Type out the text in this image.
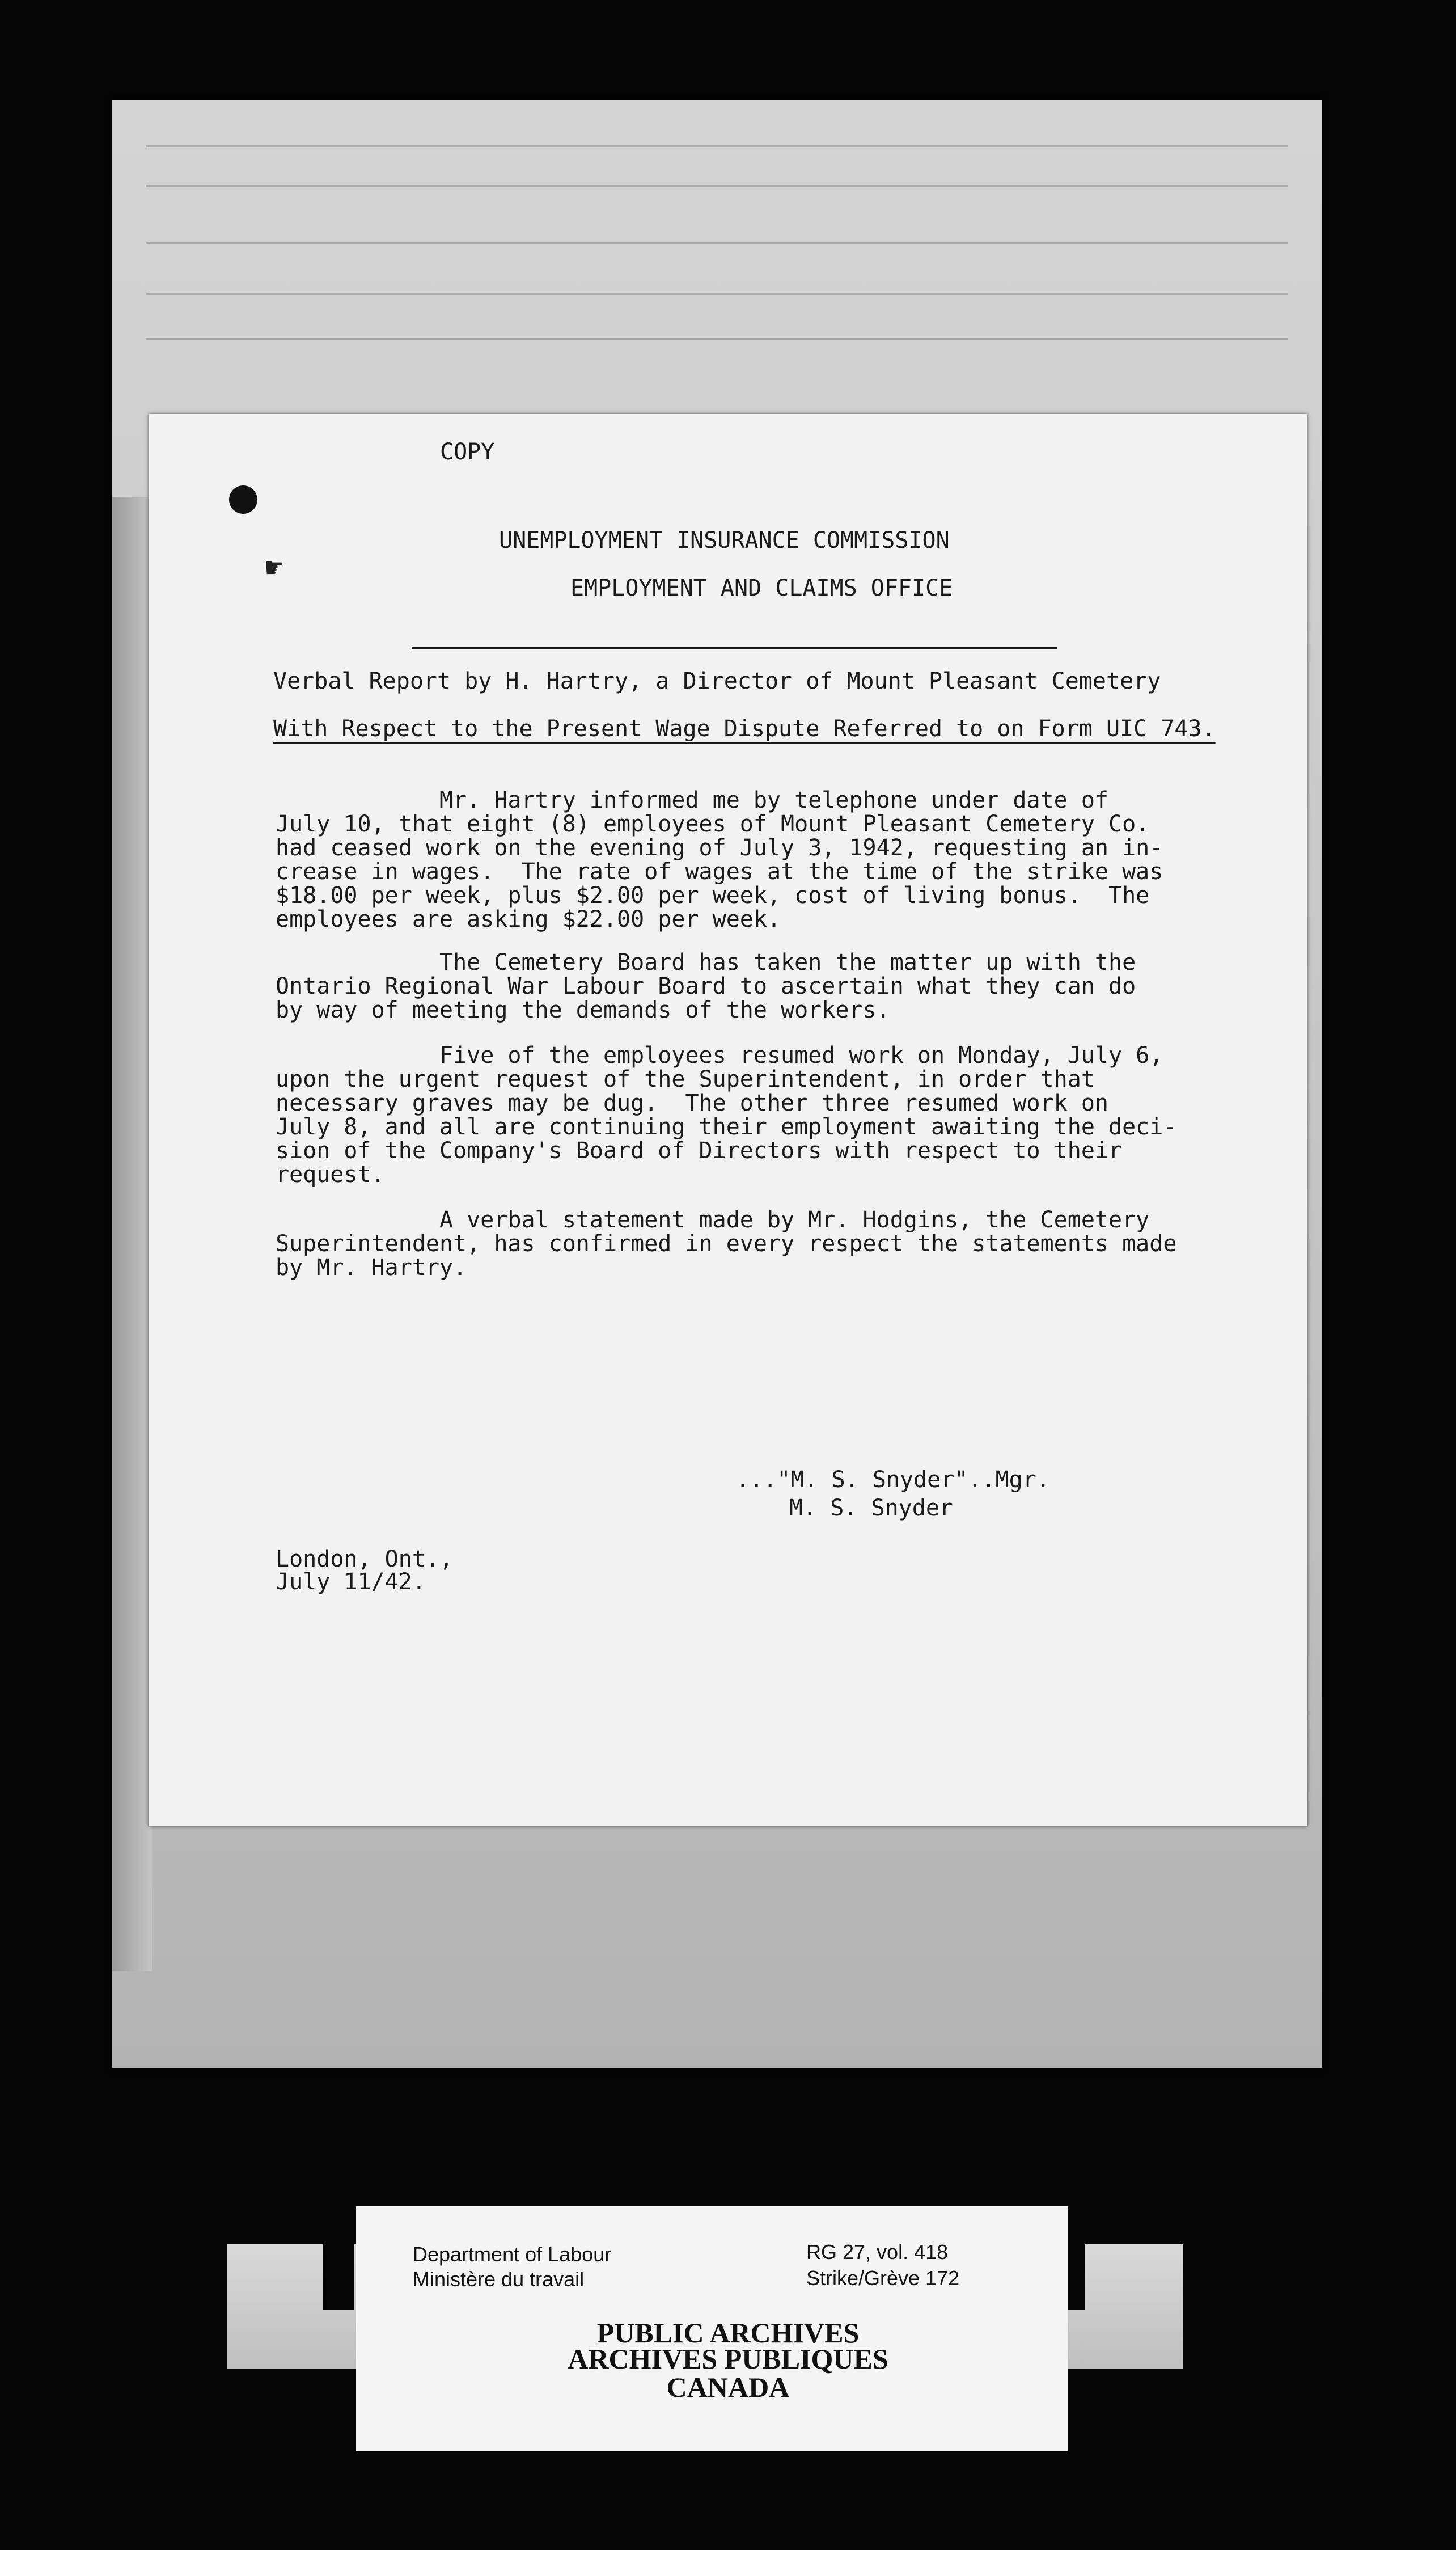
☛
COPY
UNEMPLOYMENT INSURANCE COMMISSION
EMPLOYMENT AND CLAIMS OFFICE
Verbal Report by H. Hartry, a Director of Mount Pleasant Cemetery
With Respect to the Present Wage Dispute Referred to on Form UIC 743.

Mr. Hartry informed me by telephone under date of
July 10, that eight (8) employees of Mount Pleasant Cemetery Co.
had ceased work on the evening of July 3, 1942, requesting an in-
crease in wages.  The rate of wages at the time of the strike was
$18.00 per week, plus $2.00 per week, cost of living bonus.  The
employees are asking $22.00 per week.

The Cemetery Board has taken the matter up with the
Ontario Regional War Labour Board to ascertain what they can do
by way of meeting the demands of the workers.

Five of the employees resumed work on Monday, July 6,
upon the urgent request of the Superintendent, in order that
necessary graves may be dug.  The other three resumed work on
July 8, and all are continuing their employment awaiting the deci-
sion of the Company's Board of Directors with respect to their
request.

A verbal statement made by Mr. Hodgins, the Cemetery
Superintendent, has confirmed in every respect the statements made
by Mr. Hartry.

..."M. S. Snyder"..Mgr.
M. S. Snyder
London, Ont.,
July 11/42.
Department of Labour
Ministère du travail
RG 27, vol. 418
Strike/Grève 172
PUBLIC ARCHIVES
ARCHIVES PUBLIQUES
CANADA
